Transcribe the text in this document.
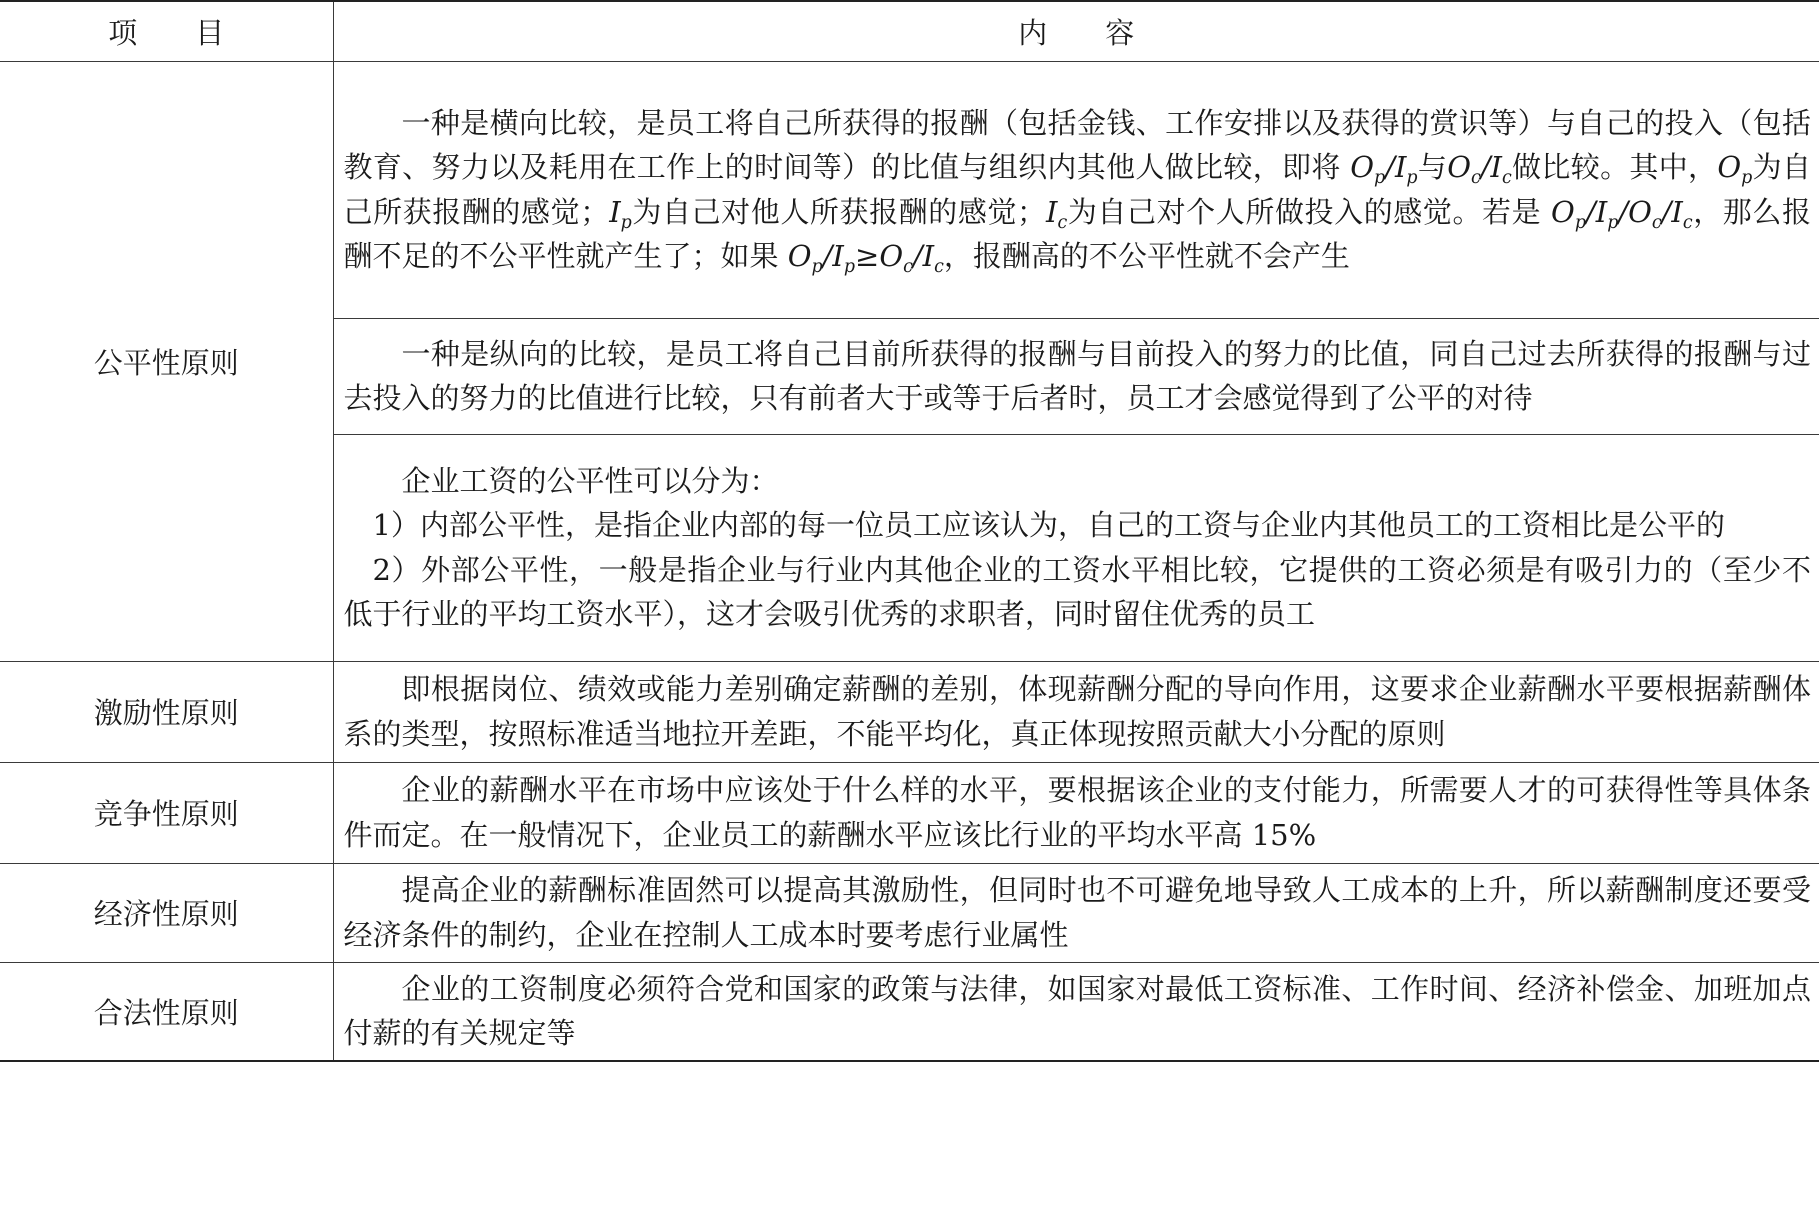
项 目	内 容
公平性原则	一种是横向比较，是员工将自己所获得的报酬（包括金钱、工作安排以及获得的赏识等）与自己的投入（包括教育、努力以及耗用在工作上的时间等）的比值与组织内其他人做比较，即将 $O_p/I_p$与$O_c/I_c$做比较。其中，$O_p$为自己所获报酬的感觉；$I_p$为自己对他人所获报酬的感觉；$I_c$为自己对个人所做投入的感觉。若是 $O_p/I_p/O_c/I_c$，那么报酬不足的不公平性就产生了；如果 $O_p/I_p\ge O_c/I_c$，报酬高的不公平性就不会产生

	一种是纵向的比较，是员工将自己目前所获得的报酬与目前投入的努力的比值，同自己过去所获得的报酬与过去投入的努力的比值进行比较，只有前者大于或等于后者时，员工才会感觉得到了公平的对待

	企业工资的公平性可以分为：

1）内部公平性，是指企业内部的每一位员工应该认为，自己的工资与企业内其他员工的工资相比是公平的

2）外部公平性，一般是指企业与行业内其他企业的工资水平相比较，它提供的工资必须是有吸引力的（至少不低于行业的平均工资水平），这才会吸引优秀的求职者，同时留住优秀的员工

激励性原则	即根据岗位、绩效或能力差别确定薪酬的差别，体现薪酬分配的导向作用，这要求企业薪酬水平要根据薪酬体系的类型，按照标准适当地拉开差距，不能平均化，真正体现按照贡献大小分配的原则

竞争性原则	企业的薪酬水平在市场中应该处于什么样的水平，要根据该企业的支付能力，所需要人才的可获得性等具体条件而定。在一般情况下，企业员工的薪酬水平应该比行业的平均水平高 15%

经济性原则	提高企业的薪酬标准固然可以提高其激励性，但同时也不可避免地导致人工成本的上升，所以薪酬制度还要受经济条件的制约，企业在控制人工成本时要考虑行业属性

合法性原则	企业的工资制度必须符合党和国家的政策与法律，如国家对最低工资标准、工作时间、经济补偿金、加班加点付薪的有关规定等
